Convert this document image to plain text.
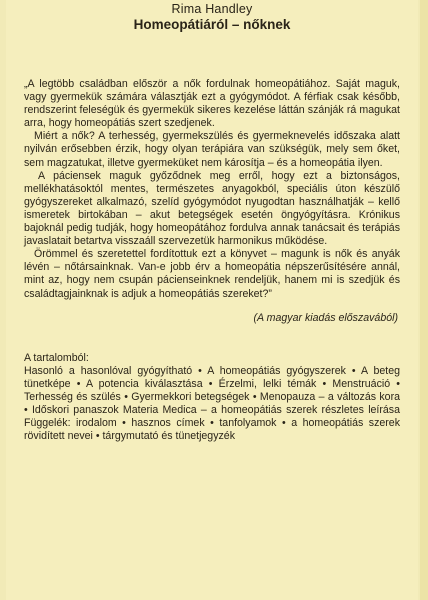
Rima Handley
Homeopátiáról – nőknek

„A legtöbb családban először a nők fordulnak homeopátiához. Saját maguk, vagy gyermekük számára választják ezt a gyógymódot. A férfiak csak később, rendszerint feleségük és gyermekük sikeres kezelése láttán szánják rá magukat arra, hogy homeopátiás szert szedjenek.

Miért a nők? A terhesség, gyermekszülés és gyermeknevelés időszaka alatt nyilván erősebben érzik, hogy olyan terápiára van szükségük, mely sem őket, sem magzatukat, illetve gyermeküket nem károsítja – és a homeopátia ilyen.

A páciensek maguk győződnek meg erről, hogy ezt a biztonságos, mellékhatásoktól mentes, természetes anyagokból, speciális úton készülő gyógyszereket alkalmazó, szelíd gyógymódot nyugodtan használhatják – kellő ismeretek birtokában – akut betegségek esetén öngyógyításra. Krónikus bajoknál pedig tudják, hogy homeopátához fordulva annak tanácsait és terápiás javaslatait betartva visszaáll szervezetük harmonikus működése.

Örömmel és szeretettel fordítottuk ezt a könyvet – magunk is nők és anyák lévén – nőtársainknak. Van-e jobb érv a homeopátia népszerűsítésére annál, mint az, hogy nem csupán pácienseinknek rendeljük, hanem mi is szedjük és családtagjainknak is adjuk a homeopátiás szereket?”

(A magyar kiadás előszavából)
A tartalomból:
Hasonló a hasonlóval gyógyítható • A homeopátiás gyógyszerek • A beteg tünetképe • A potencia kiválasztása • Érzelmi, lelki témák • Menstruáció • Terhesség és szülés • Gyermekkori betegségek • Menopauza – a változás kora • Időskori panaszok Materia Medica – a homeopátiás szerek részletes leírása Függelék: irodalom • hasznos címek • tanfolyamok • a homeopátiás szerek rövidített nevei • tárgymutató és tünetjegyzék
